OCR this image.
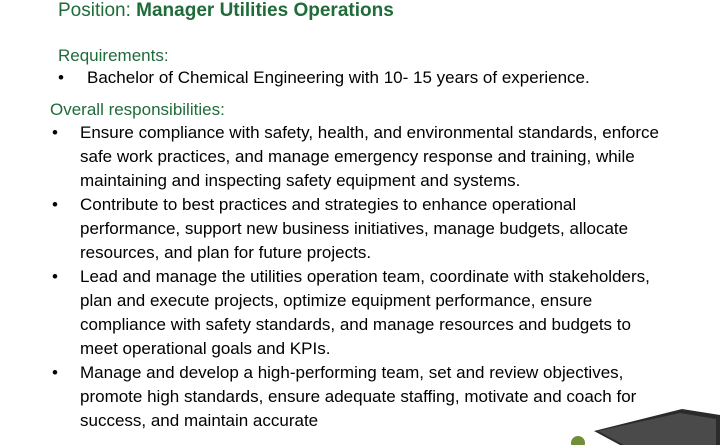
Position: Manager Utilities Operations
Requirements:
• Bachelor of Chemical Engineering with 10- 15 years of experience.
Overall responsibilities:
• Ensure compliance with safety, health, and environmental standards, enforce safe work practices, and manage emergency response and training, while maintaining and inspecting safety equipment and systems.
• Contribute to best practices and strategies to enhance operational performance, support new business initiatives, manage budgets, allocate resources, and plan for future projects.
• Lead and manage the utilities operation team, coordinate with stakeholders, plan and execute projects, optimize equipment performance, ensure compliance with safety standards, and manage resources and budgets to meet operational goals and KPIs.
• Manage and develop a high-performing team, set and review objectives, promote high standards, ensure adequate staffing, motivate and coach for success, and maintain accurate
